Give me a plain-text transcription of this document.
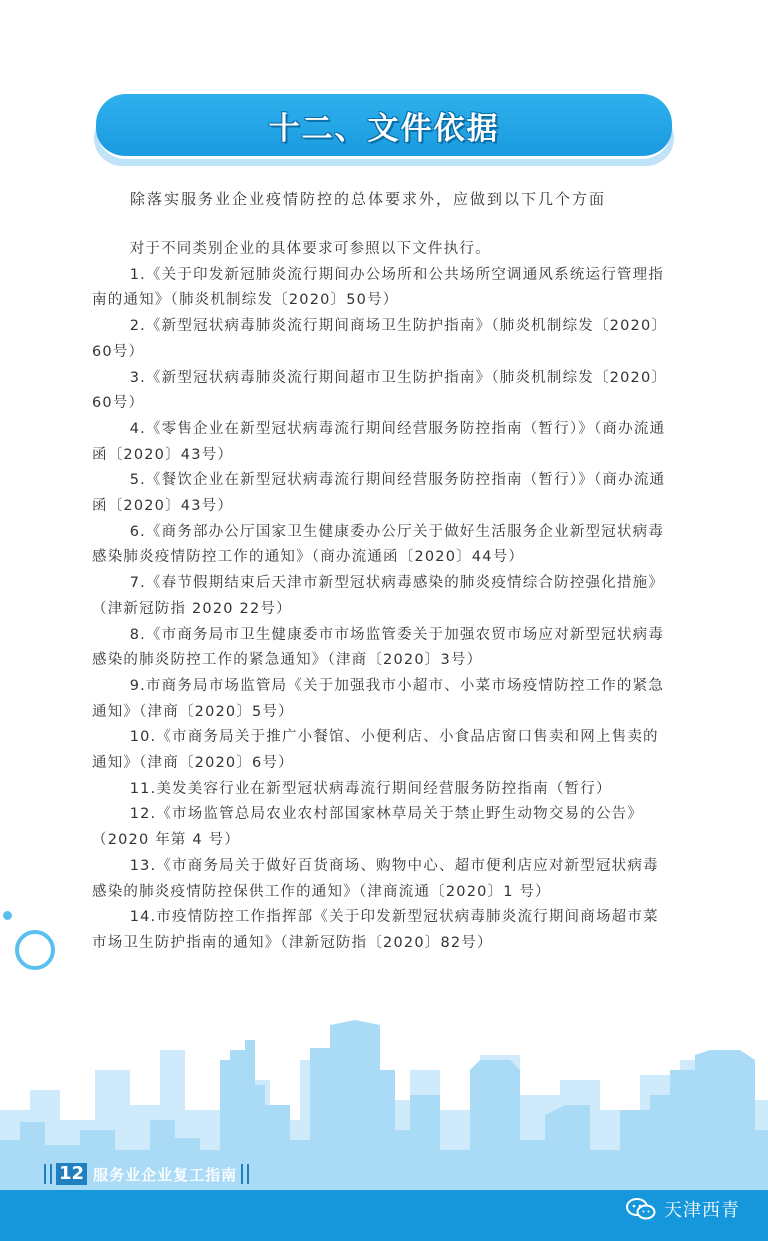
十二、文件依据

除落实服务业企业疫情防控的总体要求外，应做到以下几个方面

对于不同类别企业的具体要求可参照以下文件执行。

1.《关于印发新冠肺炎流行期间办公场所和公共场所空调通风系统运行管理指南的通知》（肺炎机制综发〔2020〕50号）

2.《新型冠状病毒肺炎流行期间商场卫生防护指南》（肺炎机制综发〔2020〕60号）

3.《新型冠状病毒肺炎流行期间超市卫生防护指南》（肺炎机制综发〔2020〕60号）

4.《零售企业在新型冠状病毒流行期间经营服务防控指南（暂行）》（商办流通函〔2020〕43号）

5.《餐饮企业在新型冠状病毒流行期间经营服务防控指南（暂行）》（商办流通函〔2020〕43号）

6.《商务部办公厅国家卫生健康委办公厅关于做好生活服务企业新型冠状病毒感染肺炎疫情防控工作的通知》（商办流通函〔2020〕44号）

7.《春节假期结束后天津市新型冠状病毒感染的肺炎疫情综合防控强化措施》（津新冠防指 2020 22号）

8.《市商务局市卫生健康委市市场监管委关于加强农贸市场应对新型冠状病毒感染的肺炎防控工作的紧急通知》（津商〔2020〕3号）

9.市商务局市场监管局《关于加强我市小超市、小菜市场疫情防控工作的紧急通知》（津商〔2020〕5号）

10.《市商务局关于推广小餐馆、小便利店、小食品店窗口售卖和网上售卖的通知》（津商〔2020〕6号）

11.美发美容行业在新型冠状病毒流行期间经营服务防控指南（暂行）

12.《市场监管总局农业农村部国家林草局关于禁止野生动物交易的公告》（2020 年第 4 号）

13.《市商务局关于做好百货商场、购物中心、超市便利店应对新型冠状病毒感染的肺炎疫情防控保供工作的通知》（津商流通〔2020〕1 号）

14.市疫情防控工作指挥部《关于印发新型冠状病毒肺炎流行期间商场超市菜市场卫生防护指南的通知》（津新冠防指〔2020〕82号）

12 服务业企业复工指南
天津西青
